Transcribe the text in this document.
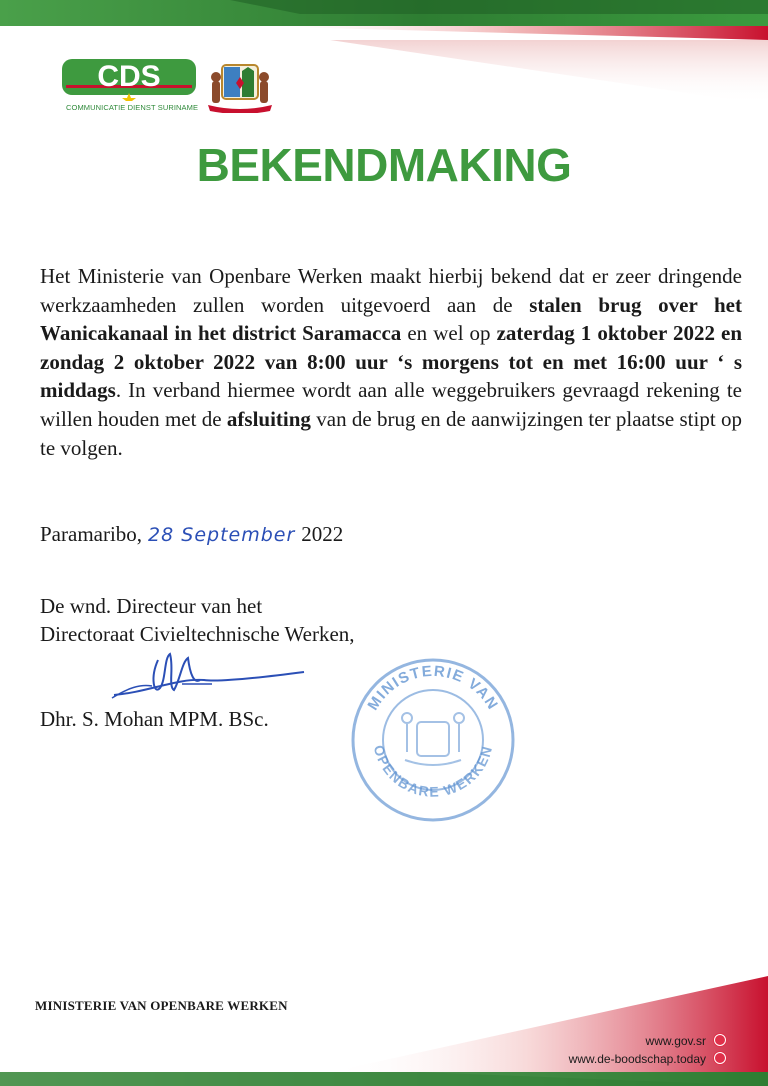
CDS
COMMUNICATIE DIENST SURINAME
BEKENDMAKING
Het Ministerie van Openbare Werken maakt hierbij bekend dat er zeer dringende werkzaamheden zullen worden uitgevoerd aan de stalen brug over het Wanicakanaal in het district Saramacca en wel op zaterdag 1 oktober 2022 en zondag 2 oktober 2022 van 8:00 uur ‘s morgens tot en met 16:00 uur ‘ s middags. In verband hiermee wordt aan alle weggebruikers gevraagd rekening te willen houden met de afsluiting van de brug en de aanwijzingen ter plaatse stipt op te volgen.
Paramaribo, 28 September 2022
De wnd. Directeur van het
Directoraat Civieltechnische Werken,
Dhr. S. Mohan MPM. BSc.
MINISTERIE VAN
OPENBARE WERKEN
MINISTERIE VAN OPENBARE WERKEN
www.gov.sr
www.de-boodschap.today
